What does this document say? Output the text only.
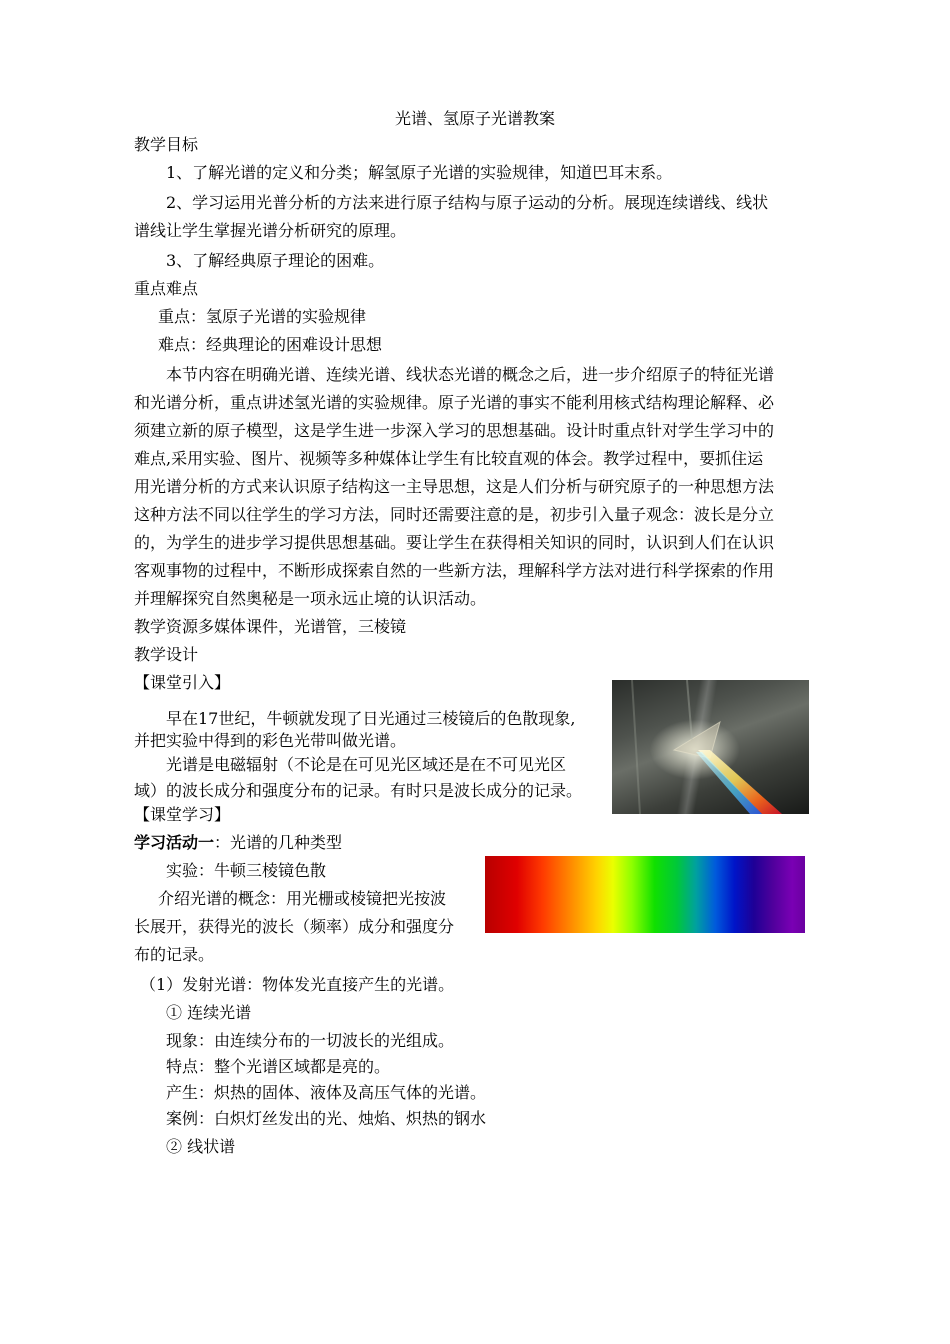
光谱、氢原子光谱教案
教学目标
1、了解光谱的定义和分类；解氢原子光谱的实验规律，知道巴耳末系。
2、学习运用光普分析的方法来进行原子结构与原子运动的分析。展现连续谱线、线状
谱线让学生掌握光谱分析研究的原理。
3、了解经典原子理论的困难。
重点难点
重点：氢原子光谱的实验规律
难点：经典理论的困难设计思想
本节内容在明确光谱、连续光谱、线状态光谱的概念之后，进一步介绍原子的特征光谱
和光谱分析，重点讲述氢光谱的实验规律。原子光谱的事实不能利用核式结构理论解释、必
须建立新的原子模型，这是学生进一步深入学习的思想基础。设计时重点针对学生学习中的
难点,采用实验、图片、视频等多种媒体让学生有比较直观的体会。教学过程中，要抓住运
用光谱分析的方式来认识原子结构这一主导思想，这是人们分析与研究原子的一种思想方法
这种方法不同以往学生的学习方法，同时还需要注意的是，初步引入量子观念：波长是分立
的，为学生的进步学习提供思想基础。要让学生在获得相关知识的同时，认识到人们在认识
客观事物的过程中，不断形成探索自然的一些新方法，理解科学方法对进行科学探索的作用
并理解探究自然奥秘是一项永远止境的认识活动。
教学资源多媒体课件，光谱管，三棱镜
教学设计
【课堂引入】
早在17世纪，牛顿就发现了日光通过三棱镜后的色散现象,
并把实验中得到的彩色光带叫做光谱。
光谱是电磁辐射（不论是在可见光区域还是在不可见光区
域）的波长成分和强度分布的记录。有时只是波长成分的记录。
【课堂学习】
学习活动一：光谱的几种类型
实验：牛顿三棱镜色散
介绍光谱的概念：用光栅或棱镜把光按波
长展开，获得光的波长（频率）成分和强度分
布的记录。
（1）发射光谱：物体发光直接产生的光谱。
① 连续光谱
现象：由连续分布的一切波长的光组成。
特点：整个光谱区域都是亮的。
产生：炽热的固体、液体及高压气体的光谱。
案例：白炽灯丝发出的光、烛焰、炽热的钢水
② 线状谱
